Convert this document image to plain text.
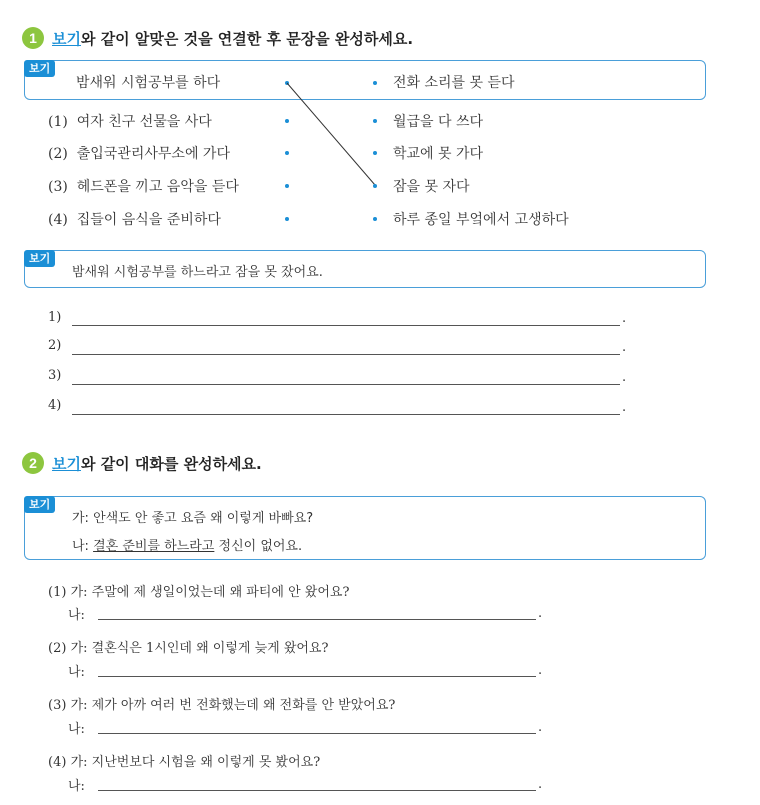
1	보기와 같이 알맞은 것을 연결한 후 문장을 완성하세요.
보기
밤새워 시험공부를 하다	전화 소리를 못 듣다
(1) 여자 친구 선물을 사다	월급을 다 쓰다
(2) 출입국관리사무소에 가다	학교에 못 가다
(3) 헤드폰을 끼고 음악을 듣다	잠을 못 자다
(4) 집들이 음식을 준비하다	하루 종일 부엌에서 고생하다
보기
밤새워 시험공부를 하느라고 잠을 못 잤어요.
1)	.
2)	.
3)	.
4)	.
2	보기와 같이 대화를 완성하세요.
보기
가: 안색도 안 좋고 요즘 왜 이렇게 바빠요?
나: 결혼 준비를 하느라고 정신이 없어요.
(1) 가: 주말에 제 생일이었는데 왜 파티에 안 왔어요?
나:	.
(2) 가: 결혼식은 1시인데 왜 이렇게 늦게 왔어요?
나:	.
(3) 가: 제가 아까 여러 번 전화했는데 왜 전화를 안 받았어요?
나:	.
(4) 가: 지난번보다 시험을 왜 이렇게 못 봤어요?
나:	.
